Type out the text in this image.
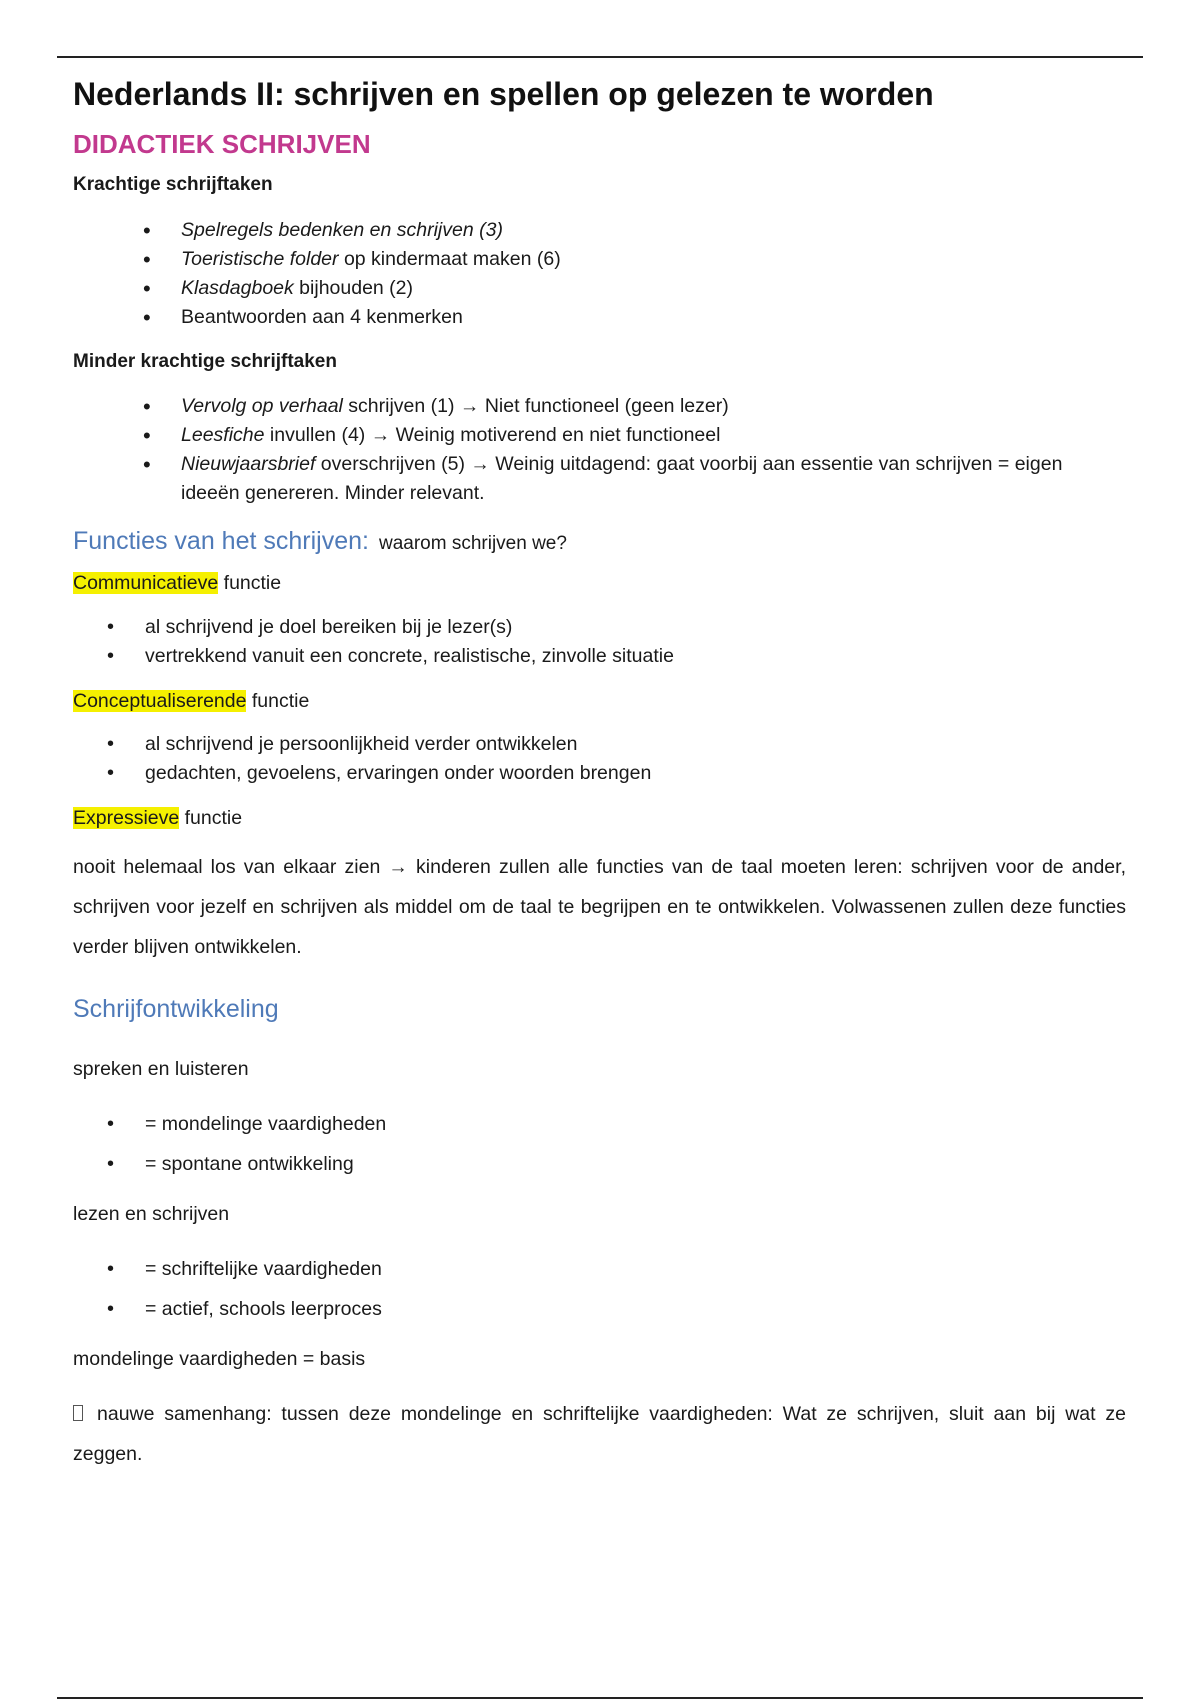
Nederlands II: schrijven en spellen op gelezen te worden
DIDACTIEK SCHRIJVEN
Krachtige schrijftaken
• Spelregels bedenken en schrijven (3)
• Toeristische folder op kindermaat maken (6)
• Klasdagboek bijhouden (2)
• Beantwoorden aan 4 kenmerken
Minder krachtige schrijftaken
• Vervolg op verhaal schrijven (1) → Niet functioneel (geen lezer)
• Leesfiche invullen (4) → Weinig motiverend en niet functioneel
• Nieuwjaarsbrief overschrijven (5) → Weinig uitdagend: gaat voorbij aan essentie van schrijven = eigen ideeën genereren. Minder relevant.
Functies van het schrijven: waarom schrijven we?

Communicatieve functie

• al schrijvend je doel bereiken bij je lezer(s)
• vertrekkend vanuit een concrete, realistische, zinvolle situatie

Conceptualiserende functie

• al schrijvend je persoonlijkheid verder ontwikkelen
• gedachten, gevoelens, ervaringen onder woorden brengen

Expressieve functie

nooit helemaal los van elkaar zien → kinderen zullen alle functies van de taal moeten leren: schrijven voor de ander, schrijven voor jezelf en schrijven als middel om de taal te begrijpen en te ontwikkelen. Volwassenen zullen deze functies verder blijven ontwikkelen.

Schrijfontwikkeling

spreken en luisteren

• = mondelinge vaardigheden
• = spontane ontwikkeling

lezen en schrijven

• = schriftelijke vaardigheden
• = actief, schools leerproces

mondelinge vaardigheden = basis

nauwe samenhang: tussen deze mondelinge en schriftelijke vaardigheden: Wat ze schrijven, sluit aan bij wat ze zeggen.
